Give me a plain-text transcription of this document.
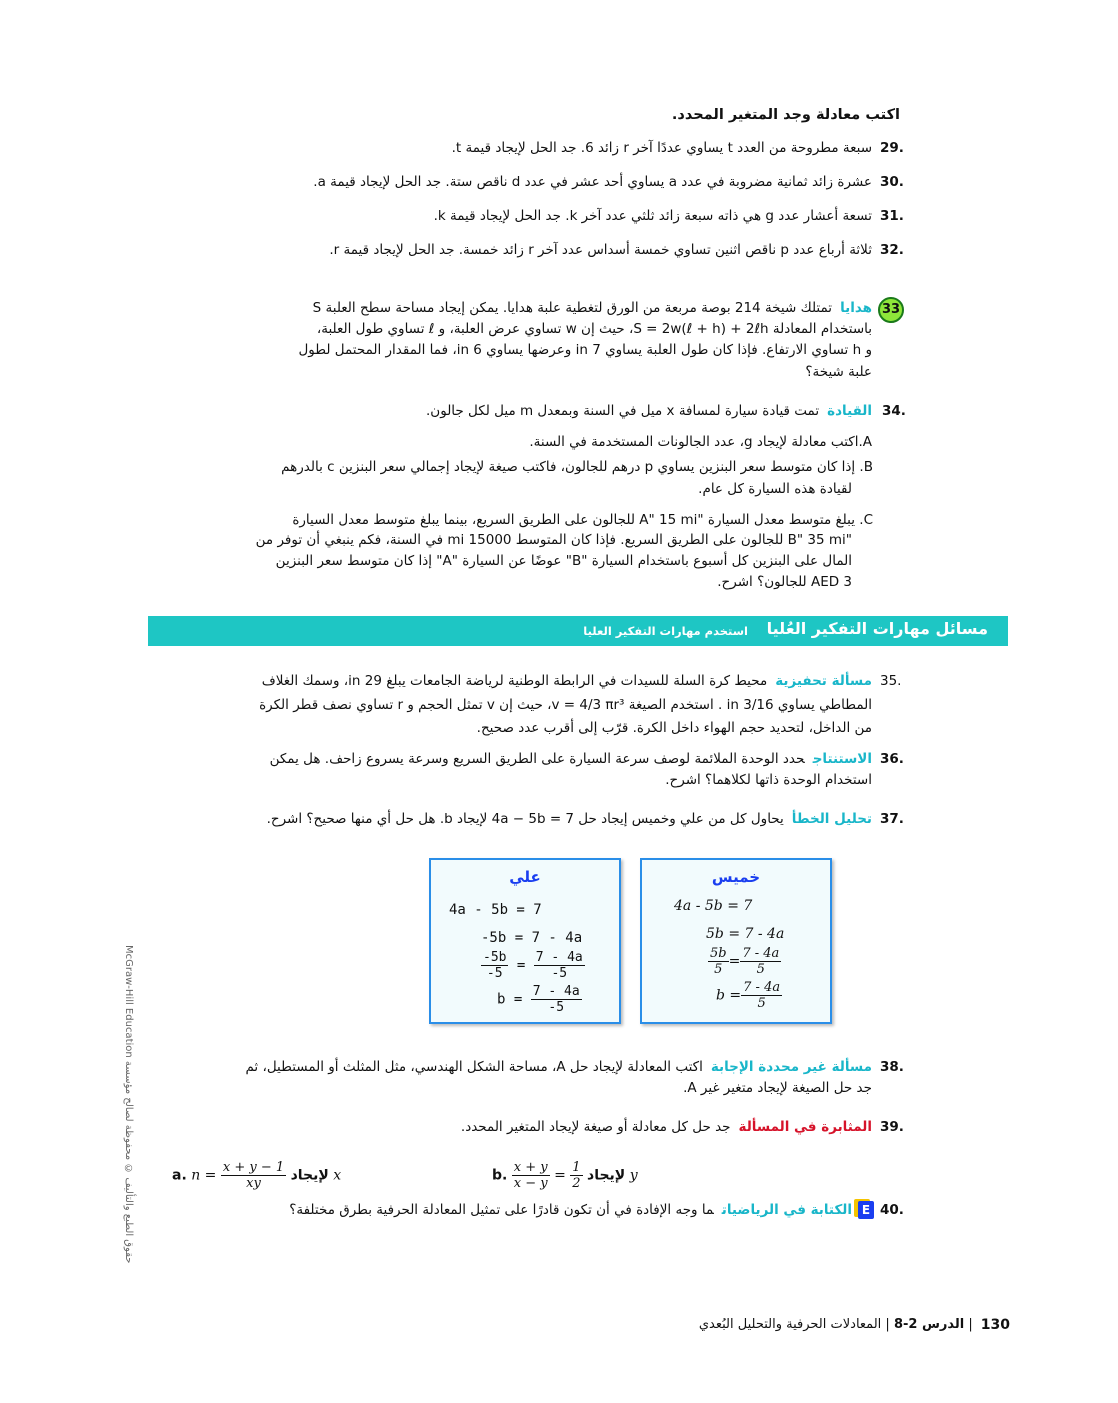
اكتب معادلة وجد المتغير المحدد.
29.
سبعة مطروحة من العدد t يساوي عددًا آخر r زائد 6. جد الحل لإيجاد قيمة t.
30.
عشرة زائد ثمانية مضروبة في عدد a يساوي أحد عشر في عدد d ناقص ستة. جد الحل لإيجاد قيمة a.
31.
تسعة أعشار عدد g هي ذاته سبعة زائد ثلثي عدد آخر k. جد الحل لإيجاد قيمة k.
32.
ثلاثة أرباع عدد p ناقص اثنين تساوي خمسة أسداس عدد آخر r زائد خمسة. جد الحل لإيجاد قيمة r.
33
هداياتمتلك شيخة 214 بوصة مربعة من الورق لتغطية علبة هدايا. يمكن إيجاد مساحة سطح العلبة S
باستخدام المعادلة S = 2w(ℓ + h) + 2ℓh، حيث إن w تساوي عرض العلبة، و ℓ تساوي طول العلبة،
و h تساوي الارتفاع. فإذا كان طول العلبة يساوي 7 in وعرضها يساوي 6 in، فما المقدار المحتمل لطول
علبة شيخة؟
34.
القيادةتمت قيادة سيارة لمسافة x ميل في السنة وبمعدل m ميل لكل جالون.
A.اكتب معادلة لإيجاد g، عدد الجالونات المستخدمة في السنة.
B. إذا كان متوسط سعر البنزين يساوي p درهم للجالون، فاكتب صيغة لإيجاد إجمالي سعر البنزين c بالدرهم
لقيادة هذه السيارة كل عام.
C. يبلغ متوسط معدل السيارة "A" 15 mi للجالون على الطريق السريع، بينما يبلغ متوسط معدل السيارة
"B" 35 mi للجالون على الطريق السريع. فإذا كان المتوسط 15000 mi في السنة، فكم ينبغي أن توفر من
المال على البنزين كل أسبوع باستخدام السيارة "B" عوضًا عن السيارة "A" إذا كان متوسط سعر البنزين
AED 3 للجالون؟ اشرح.
مسائل مهارات التفكير العُليا
استخدم مهارات التفكير العليا
35.
مسألة تحفيزيةمحيط كرة السلة للسيدات في الرابطة الوطنية لرياضة الجامعات يبلغ 29 in، وسمك الغلاف
المطاطي يساوي 3/16 in . استخدم الصيغة v = 4/3 πr³، حيث إن v تمثل الحجم و r تساوي نصف قطر الكرة
من الداخل، لتحديد حجم الهواء داخل الكرة. قرّب إلى أقرب عدد صحيح.
36.
الاستنتاجحدد الوحدة الملائمة لوصف سرعة السيارة على الطريق السريع وسرعة يسروع زاحف. هل يمكن
استخدام الوحدة ذاتها لكلاهما؟ اشرح.
37.
تحليل الخطأيحاول كل من علي وخميس إيجاد حل 4a − 5b = 7 لإيجاد b. هل حل أي منها صحيح؟ اشرح.
علي
4a - 5b = 7
-5b = 7 - 4a
$\frac{-5b}{-5} = \frac{7 - 4a}{-5}$
$b = \frac{7 - 4a}{-5}$
خميس
4a - 5b = 7
5b = 7 - 4a
$\frac{5b}{5} = \frac{7 - 4a}{5}$
$b = \frac{7 - 4a}{5}$
38.
مسألة غير محددة الإجابةاكتب المعادلة لإيجاد حل A، مساحة الشكل الهندسي، مثل المثلث أو المستطيل، ثم
جد حل الصيغة لإيجاد متغير غير A.
39.
المثابرة في المسألةجد حل كل معادلة أو صيغة لإيجاد المتغير المحدد.
a. $n = \frac{x + y - 1}{xy}$ لإيجاد x	b. $\frac{x + y}{x - y} = \frac{1}{2}$ لإيجاد y
40.
Eالكتابة في الرياضياتما وجه الإفادة في أن تكون قادرًا على تمثيل المعادلة الحرفية بطرق مختلفة؟
McGraw-Hill Education حقوق الطبع والتأليف © محفوظة لصالح مؤسسة
130
| الدرس 2-8 | المعادلات الحرفية والتحليل البُعدي
